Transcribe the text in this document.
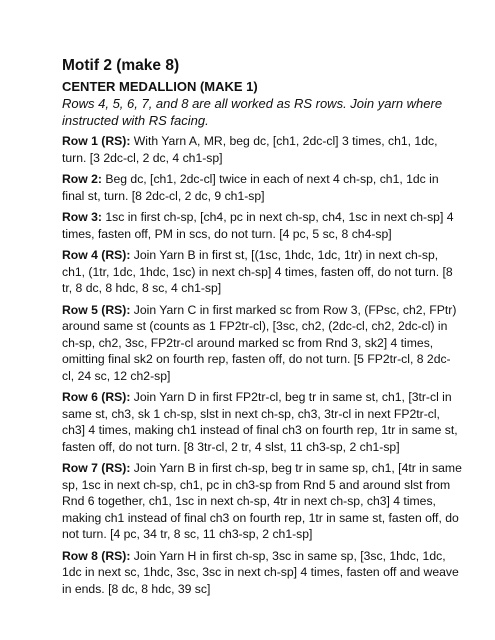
Motif 2 (make 8)
CENTER MEDALLION (MAKE 1)
Rows 4, 5, 6, 7, and 8 are all worked as RS rows. Join yarn where instructed with RS facing.

Row 1 (RS): With Yarn A, MR, beg dc, [ch1, 2dc-cl] 3 times, ch1, 1dc, turn. [3 2dc-cl, 2 dc, 4 ch1-sp]

Row 2: Beg dc, [ch1, 2dc-cl] twice in each of next 4 ch-sp, ch1, 1dc in final st, turn. [8 2dc-cl, 2 dc, 9 ch1-sp]

Row 3: 1sc in first ch-sp, [ch4, pc in next ch-sp, ch4, 1sc in next ch-sp] 4 times, fasten off, PM in scs, do not turn. [4 pc, 5 sc, 8 ch4-sp]

Row 4 (RS): Join Yarn B in first st, [(1sc, 1hdc, 1dc, 1tr) in next ch-sp, ch1, (1tr, 1dc, 1hdc, 1sc) in next ch-sp] 4 times, fasten off, do not turn. [8 tr, 8 dc, 8 hdc, 8 sc, 4 ch1-sp]

Row 5 (RS): Join Yarn C in first marked sc from Row 3, (FPsc, ch2, FPtr) around same st (counts as 1 FP2tr-cl), [3sc, ch2, (2dc-cl, ch2, 2dc-cl) in ch-sp, ch2, 3sc, FP2tr-cl around marked sc from Rnd 3, sk2] 4 times, omitting final sk2 on fourth rep, fasten off, do not turn. [5 FP2tr-cl, 8 2dc-cl, 24 sc, 12 ch2-sp]

Row 6 (RS): Join Yarn D in first FP2tr-cl, beg tr in same st, ch1, [3tr-cl in same st, ch3, sk 1 ch-sp, slst in next ch-sp, ch3, 3tr-cl in next FP2tr-cl, ch3] 4 times, making ch1 instead of final ch3 on fourth rep, 1tr in same st, fasten off, do not turn. [8 3tr-cl, 2 tr, 4 slst, 11 ch3-sp, 2 ch1-sp]

Row 7 (RS): Join Yarn B in first ch-sp, beg tr in same sp, ch1, [4tr in same sp, 1sc in next ch-sp, ch1, pc in ch3-sp from Rnd 5 and around slst from Rnd 6 together, ch1, 1sc in next ch-sp, 4tr in next ch-sp, ch3] 4 times, making ch1 instead of final ch3 on fourth rep, 1tr in same st, fasten off, do not turn. [4 pc, 34 tr, 8 sc, 11 ch3-sp, 2 ch1-sp]

Row 8 (RS): Join Yarn H in first ch-sp, 3sc in same sp, [3sc, 1hdc, 1dc, 1dc in next sc, 1hdc, 3sc, 3sc in next ch-sp] 4 times, fasten off and weave in ends. [8 dc, 8 hdc, 39 sc]
